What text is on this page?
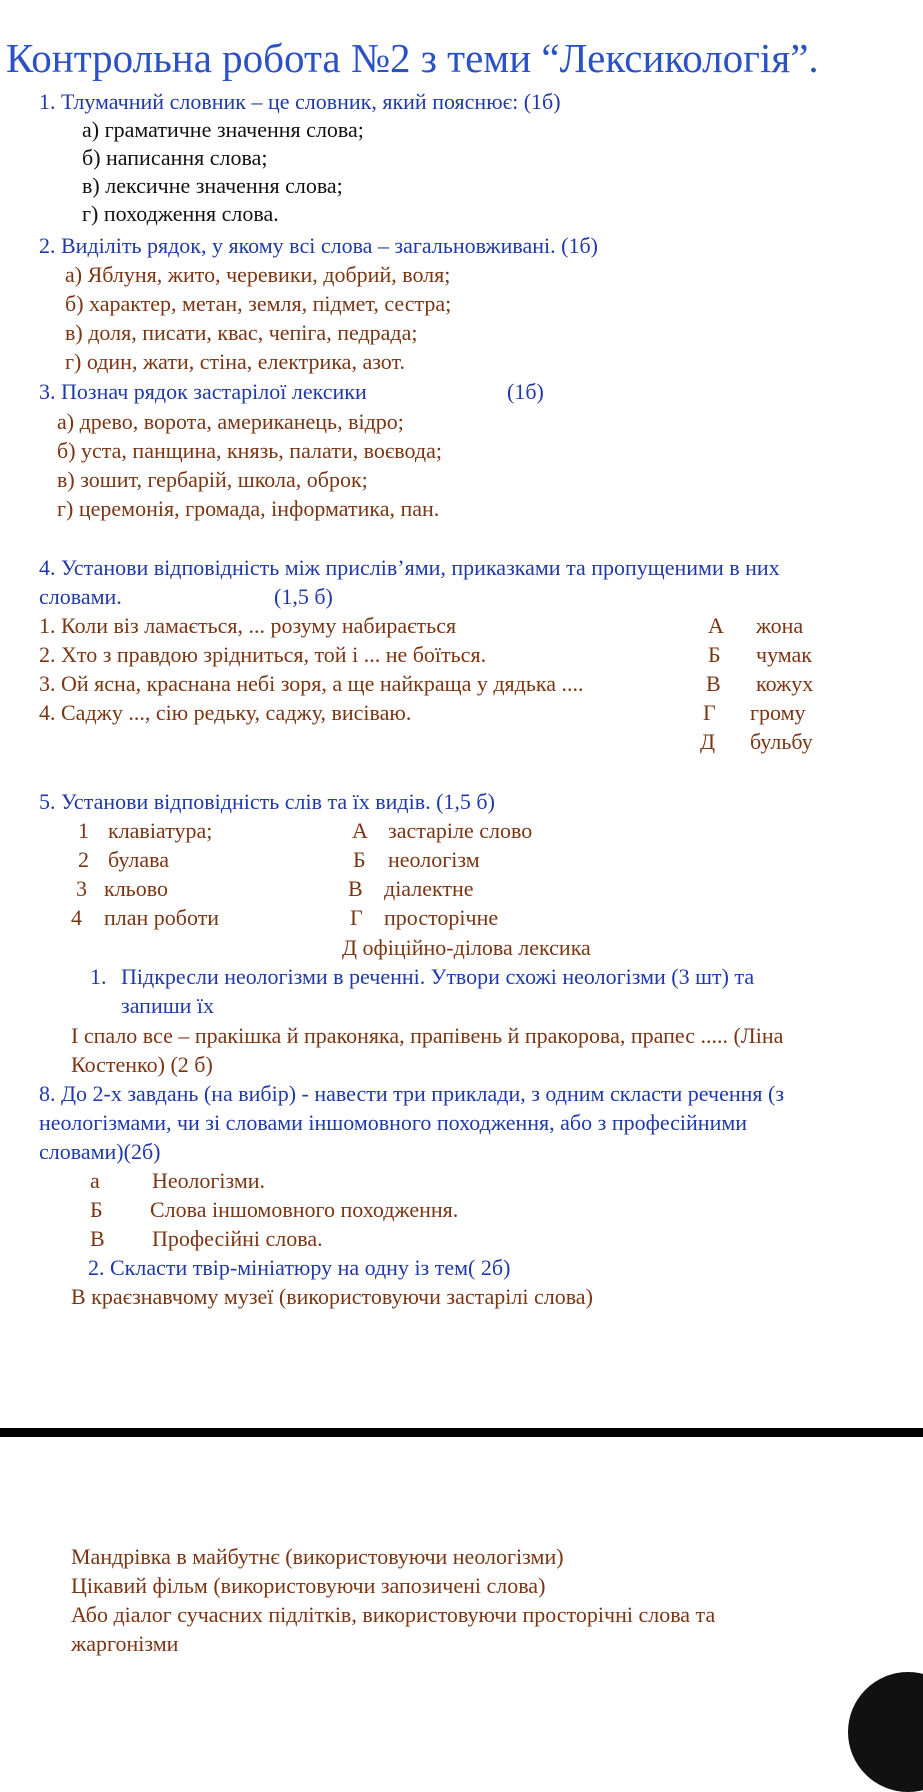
Контрольна робота №2 з теми “Лексикологія”.
1. Тлумачний словник – це словник, який пояснює: (1б)
а) граматичне значення слова;
б) написання слова;
в) лексичне значення слова;
г) походження слова.
2. Виділіть рядок, у якому всі слова – загальновживані. (1б)
а) Яблуня, жито, черевики, добрий, воля;
б) характер, метан, земля, підмет, сестра;
в) доля, писати, квас, чепіга, педрада;
г) один, жати, стіна, електрика, азот.
3. Познач рядок застарілої лексики	(1б)
а) древо, ворота, американець, відро;
б) уста, панщина, князь, палати, воєвода;
в) зошит, гербарій, школа, оброк;
г) церемонія, громада, інформатика, пан.
4. Установи відповідність між прислів’ями, приказками та пропущеними в них
словами.	(1,5 б)
1. Коли віз ламається, ... розуму набирається
2. Хто з правдою зрідниться, той і ... не боїться.
3. Ой ясна, краснана небі зоря, а ще найкраща у дядька ....
4. Саджу ..., сію редьку, саджу, висіваю.
А жона
Б чумак
В кожух
Г грому
Д бульбу
5. Установи відповідність слів та їх видів. (1,5 б)
1 клавіатура;
2 булава
3 кльово
4 план роботи
А застаріле слово
Б неологізм
В діалектне
Г просторічне
Д офіційно-ділова лексика
1. Підкресли неологізми в реченні. Утвори схожі неологізми (3 шт) та
запиши їх
І спало все – пракішка й праконяка, прапівень й пракорова, прапес ..... (Ліна
Костенко) (2 б)
8. До 2-х завдань (на вибір) - навести три приклади, з одним скласти речення (з
неологізмами, чи зі словами іншомовного походження, або з професійними
словами)(2б)
а Неологізми.
Б Слова іншомовного походження.
В Професійні слова.
2. Скласти твір-мініатюру на одну із тем( 2б)
В краєзнавчому музеї (використовуючи застарілі слова)
Мандрівка в майбутнє (використовуючи неологізми)
Цікавий фільм (використовуючи запозичені слова)
Або діалог сучасних підлітків, використовуючи просторічні слова та
жаргонізми
